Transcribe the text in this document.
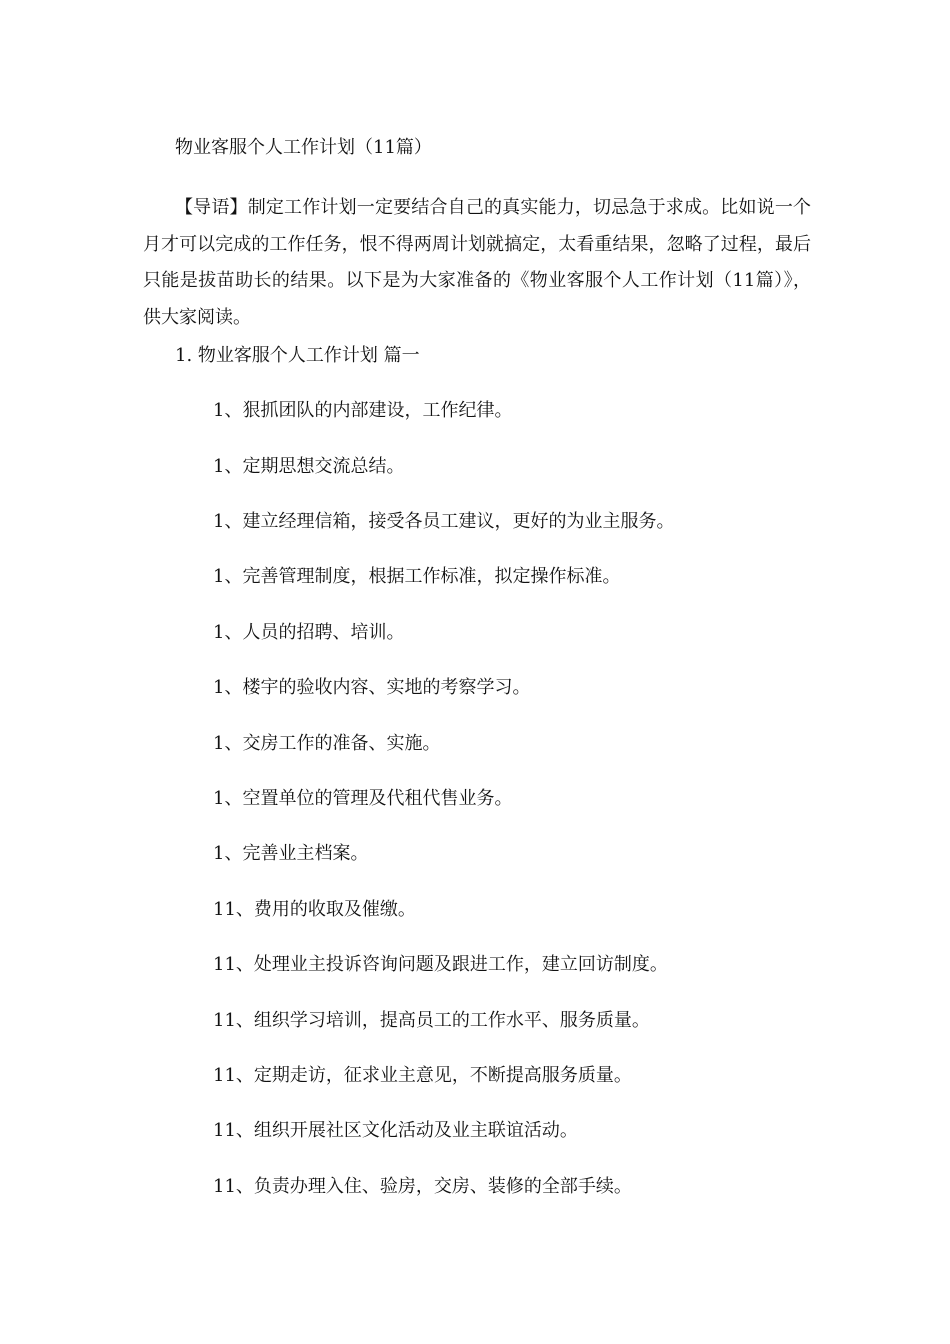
物业客服个人工作计划（11篇）

【导语】制定工作计划一定要结合自己的真实能力，切忌急于求成。比如说一个月才可以完成的工作任务，恨不得两周计划就搞定，太看重结果，忽略了过程，最后只能是拔苗助长的结果。以下是为大家准备的《物业客服个人工作计划（11篇）》，供大家阅读。

1. 物业客服个人工作计划 篇一
1、狠抓团队的内部建设，工作纪律。
1、定期思想交流总结。
1、建立经理信箱，接受各员工建议，更好的为业主服务。
1、完善管理制度，根据工作标准，拟定操作标准。
1、人员的招聘、培训。
1、楼宇的验收内容、实地的考察学习。
1、交房工作的准备、实施。
1、空置单位的管理及代租代售业务。
1、完善业主档案。
11、费用的收取及催缴。
11、处理业主投诉咨询问题及跟进工作，建立回访制度。
11、组织学习培训，提高员工的工作水平、服务质量。
11、定期走访，征求业主意见，不断提高服务质量。
11、组织开展社区文化活动及业主联谊活动。
11、负责办理入住、验房，交房、装修的全部手续。
